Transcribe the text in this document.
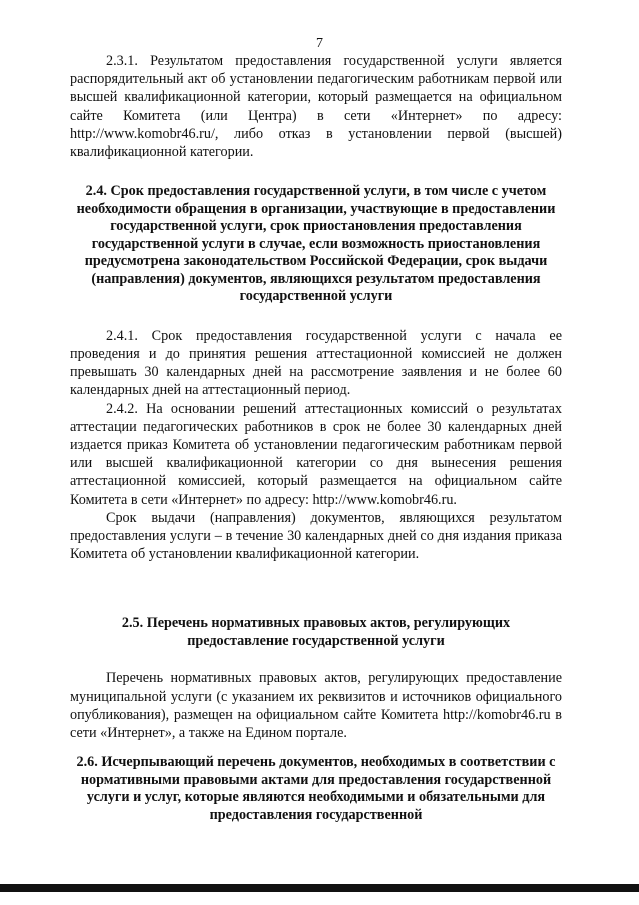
7

2.3.1. Результатом предоставления государственной услуги является распорядительный акт об установлении педагогическим работникам первой или высшей квалификационной категории, который размещается на официальном сайте Комитета (или Центра) в сети «Интернет» по адресу: http://www.komobr46.ru/, либо отказ в установлении первой (высшей) квалификационной категории.

2.4. Срок предоставления государственной услуги, в том числе с учетом необходимости обращения в организации, участвующие в предоставлении государственной услуги, срок приостановления предоставления государственной услуги в случае, если возможность приостановления предусмотрена законодательством Российской Федерации, срок выдачи (направления) документов, являющихся результатом предоставления государственной услуги

2.4.1. Срок предоставления государственной услуги с начала ее проведения и до принятия решения аттестационной комиссией не должен превышать 30 календарных дней на рассмотрение заявления и не более 60 календарных дней на аттестационный период.

2.4.2. На основании решений аттестационных комиссий о результатах аттестации педагогических работников в срок не более 30 календарных дней издается приказ Комитета об установлении педагогическим работникам первой или высшей квалификационной категории со дня вынесения решения аттестационной комиссией, который размещается на официальном сайте Комитета в сети «Интернет» по адресу: http://www.komobr46.ru.

Срок выдачи (направления) документов, являющихся результатом предоставления услуги – в течение 30 календарных дней со дня издания приказа Комитета об установлении квалификационной категории.

2.5. Перечень нормативных правовых актов, регулирующих предоставление государственной услуги

Перечень нормативных правовых актов, регулирующих предоставление муниципальной услуги (с указанием их реквизитов и источников официального опубликования), размещен на официальном сайте Комитета http://komobr46.ru в сети «Интернет», а также на Едином портале.

2.6. Исчерпывающий перечень документов, необходимых в соответствии с нормативными правовыми актами для предоставления государственной услуги и услуг, которые являются необходимыми и обязательными для предоставления государственной
